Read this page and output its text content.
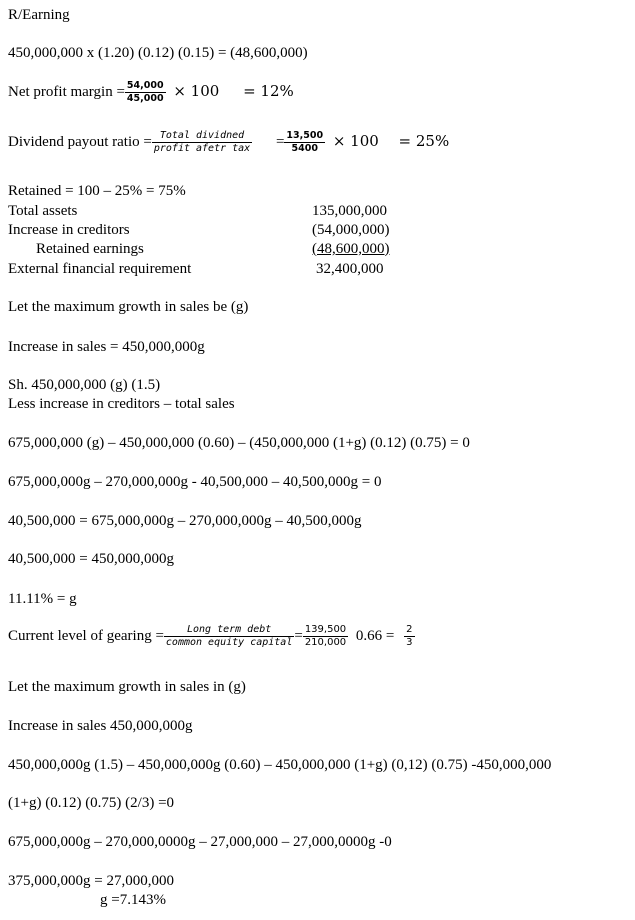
R/Earning
450,000,000 x (1.20) (0.12) (0.15) = (48,600,000)
Net profit margin = $\frac{54,000}{45,000} \times 100 = 12\%$
Dividend payout ratio = $\frac{\text{Total dividned}}{\text{profit afetr tax}} = \frac{13,500}{5400} \times 100 = 25\%$
Retained = 100 – 25% = 75%
Total assets	135,000,000
Increase in creditors	(54,000,000)
Retained earnings	(48,600,000)
External financial requirement	32,400,000
Let the maximum growth in sales be (g)
Increase in sales = 450,000,000g
Sh. 450,000,000 (g) (1.5)
Less increase in creditors – total sales
675,000,000 (g) – 450,000,000 (0.60) – (450,000,000 (1+g) (0.12) (0.75) = 0
675,000,000g – 270,000,000g - 40,500,000 – 40,500,000g = 0
40,500,000 = 675,000,000g – 270,000,000g – 40,500,000g
40,500,000 = 450,000,000g
11.11% = g
Current level of gearing = $\frac{\text{Long term debt}}{\text{common equity capital}} = \frac{139,500}{210,000} 0.66 = \frac{2}{3}$
Let the maximum growth in sales in (g)
Increase in sales 450,000,000g
450,000,000g (1.5) – 450,000,000g (0.60) – 450,000,000 (1+g) (0,12) (0.75) -450,000,000
(1+g) (0.12) (0.75) (2/3) =0
675,000,000g – 270,000,0000g – 27,000,000 – 27,000,0000g -0
375,000,000g = 27,000,000
g =7.143%
